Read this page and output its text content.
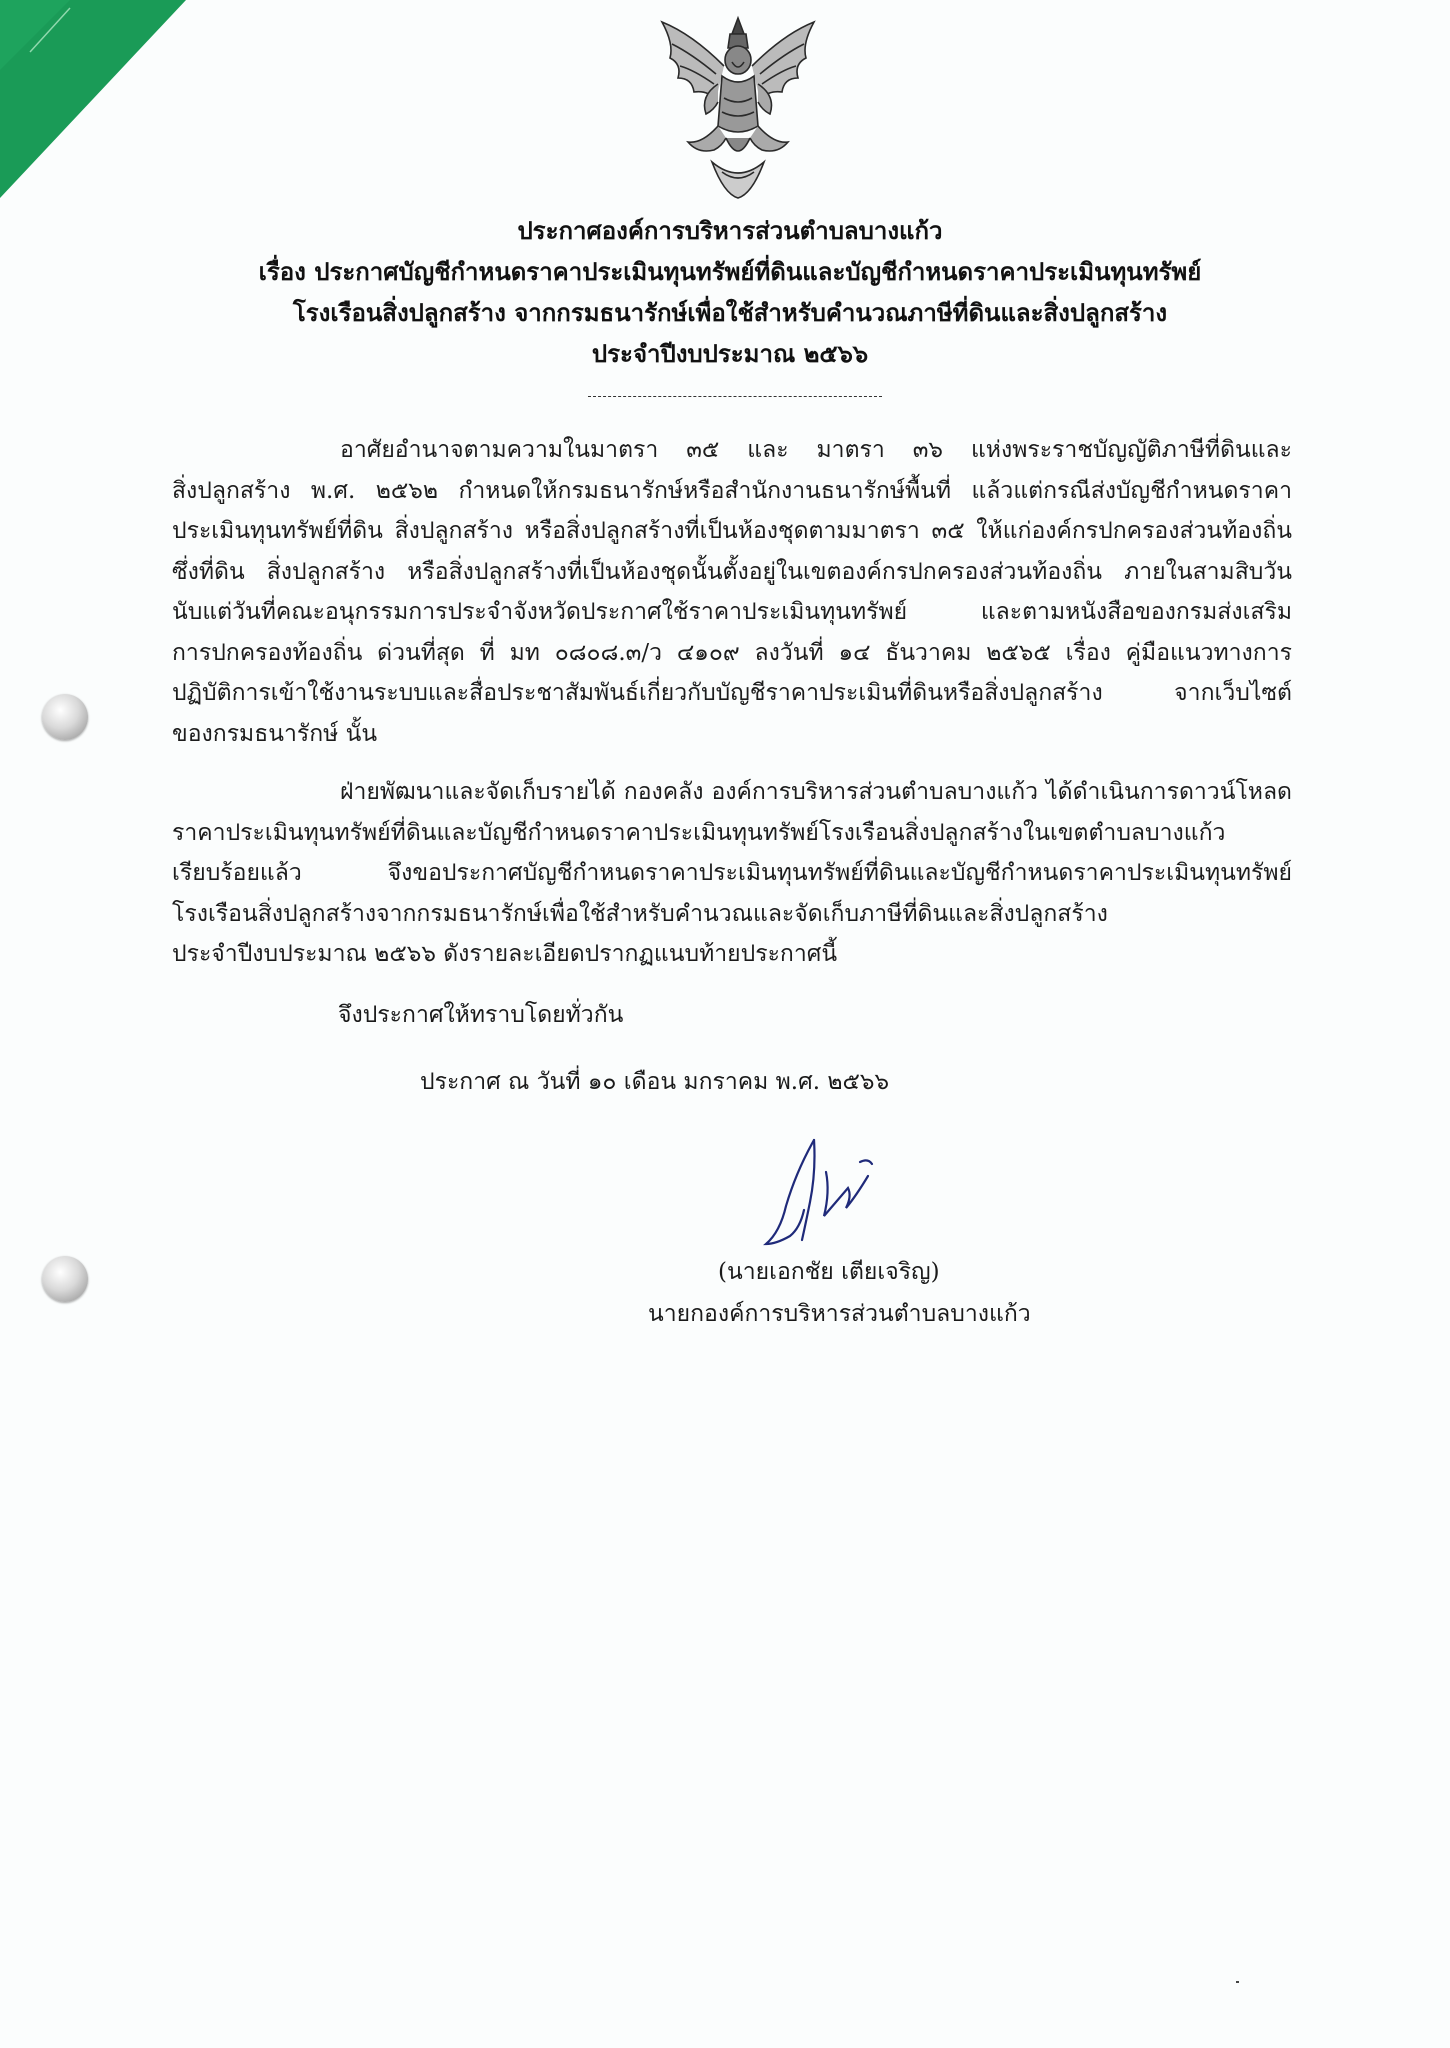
ประกาศองค์การบริหารส่วนตำบลบางแก้ว
เรื่อง ประกาศบัญชีกำหนดราคาประเมินทุนทรัพย์ที่ดินและบัญชีกำหนดราคาประเมินทุนทรัพย์
โรงเรือนสิ่งปลูกสร้าง จากกรมธนารักษ์เพื่อใช้สำหรับคำนวณภาษีที่ดินและสิ่งปลูกสร้าง
ประจำปีงบประมาณ ๒๕๖๖
อาศัยอำนาจตามความในมาตรา ๓๕ และ มาตรา ๓๖ แห่งพระราชบัญญัติภาษีที่ดินและ
สิ่งปลูกสร้าง พ.ศ. ๒๕๖๒ กำหนดให้กรมธนารักษ์หรือสำนักงานธนารักษ์พื้นที่ แล้วแต่กรณีส่งบัญชีกำหนดราคา
ประเมินทุนทรัพย์ที่ดิน สิ่งปลูกสร้าง หรือสิ่งปลูกสร้างที่เป็นห้องชุดตามมาตรา ๓๕ ให้แก่องค์กรปกครองส่วนท้องถิ่น
ซึ่งที่ดิน สิ่งปลูกสร้าง หรือสิ่งปลูกสร้างที่เป็นห้องชุดนั้นตั้งอยู่ในเขตองค์กรปกครองส่วนท้องถิ่น ภายในสามสิบวัน
นับแต่วันที่คณะอนุกรรมการประจำจังหวัดประกาศใช้ราคาประเมินทุนทรัพย์ และตามหนังสือของกรมส่งเสริม
การปกครองท้องถิ่น ด่วนที่สุด ที่ มท ๐๘๐๘.๓/ว ๔๑๐๙ ลงวันที่ ๑๔ ธันวาคม ๒๕๖๕ เรื่อง คู่มือแนวทางการ
ปฏิบัติการเข้าใช้งานระบบและสื่อประชาสัมพันธ์เกี่ยวกับบัญชีราคาประเมินที่ดินหรือสิ่งปลูกสร้าง จากเว็บไซต์
ของกรมธนารักษ์ นั้น
ฝ่ายพัฒนาและจัดเก็บรายได้ กองคลัง องค์การบริหารส่วนตำบลบางแก้ว ได้ดำเนินการดาวน์โหลด
ราคาประเมินทุนทรัพย์ที่ดินและบัญชีกำหนดราคาประเมินทุนทรัพย์โรงเรือนสิ่งปลูกสร้างในเขตตำบลบางแก้ว
เรียบร้อยแล้ว จึงขอประกาศบัญชีกำหนดราคาประเมินทุนทรัพย์ที่ดินและบัญชีกำหนดราคาประเมินทุนทรัพย์
โรงเรือนสิ่งปลูกสร้างจากกรมธนารักษ์เพื่อใช้สำหรับคำนวณและจัดเก็บภาษีที่ดินและสิ่งปลูกสร้าง
ประจำปีงบประมาณ ๒๕๖๖ ดังรายละเอียดปรากฏแนบท้ายประกาศนี้
จึงประกาศให้ทราบโดยทั่วกัน
ประกาศ ณ วันที่ ๑๐ เดือน มกราคม พ.ศ. ๒๕๖๖
(นายเอกชัย เตียเจริญ)
นายกองค์การบริหารส่วนตำบลบางแก้ว
